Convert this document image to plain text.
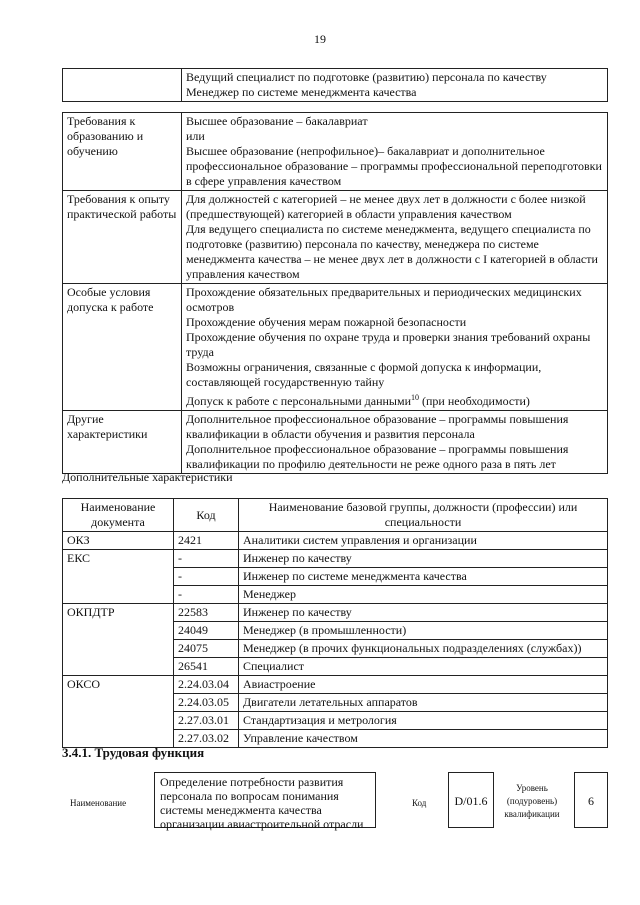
19
	Ведущий специалист по подготовке (развитию) персонала по качеству
Менеджер по системе менеджмента качества
Требования к образованию и обучению	Высшее образование – бакалавриат
или
Высшее образование (непрофильное)– бакалавриат и дополнительное профессиональное образование – программы профессиональной переподготовки в сфере управления качеством
Требования к опыту практической работы	Для должностей с категорией – не менее двух лет в должности с более низкой (предшествующей) категорией в области управления качеством
Для ведущего специалиста по системе менеджмента, ведущего специалиста по подготовке (развитию) персонала по качеству, менеджера по системе менеджмента качества – не менее двух лет в должности с I категорией в области управления качеством
Особые условия допуска к работе	Прохождение обязательных предварительных и периодических медицинских осмотров
Прохождение обучения мерам пожарной безопасности
Прохождение обучения по охране труда и проверки знания требований охраны труда
Возможны ограничения, связанные с формой допуска к информации, составляющей государственную тайну
Допуск к работе с персональными данными$^{10}$ (при необходимости)

Другие характеристики	Дополнительное профессиональное образование – программы повышения квалификации в области обучения и развития персонала
Дополнительное профессиональное образование – программы повышения квалификации по профилю деятельности не реже одного раза в пять лет
Дополнительные характеристики
Наименование документа	Код	Наименование базовой группы, должности (профессии) или специальности
ОКЗ	2421	Аналитики систем управления и организации
ЕКС	-	Инженер по качеству
	-	Инженер по системе менеджмента качества
	-	Менеджер
ОКПДТР	22583	Инженер по качеству
	24049	Менеджер (в промышленности)
	24075	Менеджер (в прочих функциональных подразделениях (службах))
	26541	Специалист
ОКСО	2.24.03.04	Авиастроение
	2.24.03.05	Двигатели летательных аппаратов
	2.27.03.01	Стандартизация и метрология
	2.27.03.02	Управление качеством
3.4.1. Трудовая функция
Наименование
Определение потребности развития персонала по вопросам понимания системы менеджмента качества организации авиастроительной отрасли
Код	D/01.6
Уровень
(подуровень)
квалификации
6
